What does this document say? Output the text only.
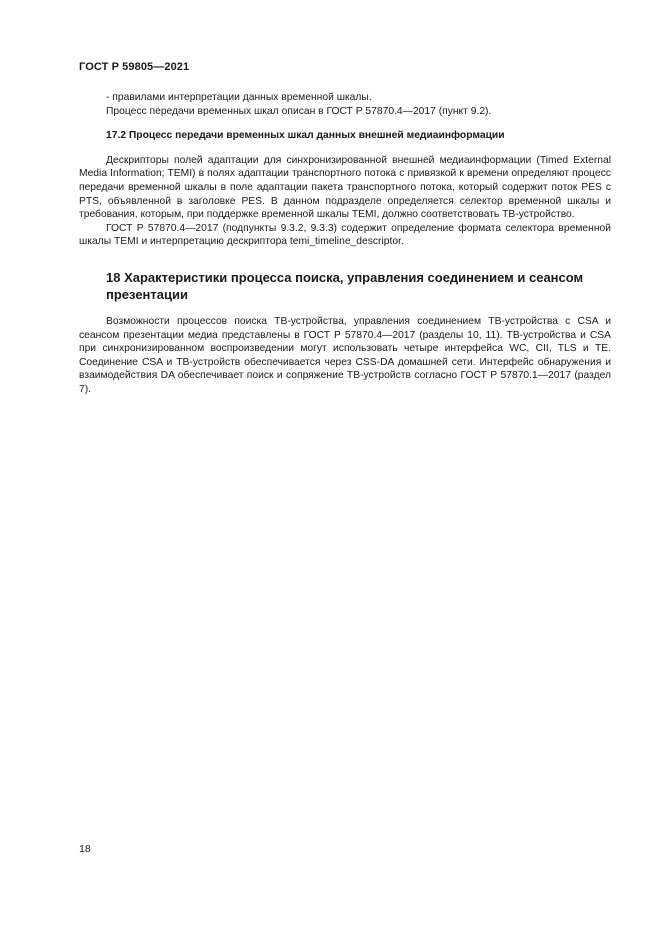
ГОСТ Р 59805—2021

- правилами интерпретации данных временной шкалы.

Процесс передачи временных шкал описан в ГОСТ Р 57870.4—2017 (пункт 9.2).

17.2 Процесс передачи временных шкал данных внешней медиаинформации

Дескрипторы полей адаптации для синхронизированной внешней медиаинформации (Timed External Media Information; TEMI) в полях адаптации транспортного потока с привязкой к времени определяют процесс передачи временной шкалы в поле адаптации пакета транспортного потока, который содержит поток PES с PTS, объявленной в заголовке PES. В данном подразделе определяется селектор временной шкалы и требования, которым, при поддержке временной шкалы TEMI, должно соответствовать ТВ-устройство.

ГОСТ Р 57870.4—2017 (подпункты 9.3.2, 9.3.3) содержит определение формата селектора временной шкалы TEMI и интерпретацию дескриптора temi_timeline_descriptor.

18 Характеристики процесса поиска, управления соединением и сеансом презентации

Возможности процессов поиска ТВ-устройства, управления соединением ТВ-устройства с CSA и сеансом презентации медиа представлены в ГОСТ Р 57870.4—2017 (разделы 10, 11). ТВ-устройства и CSA при синхронизированном воспроизведении могут использовать четыре интерфейса WC, CII, TLS и TE. Соединение CSA и ТВ-устройств обеспечивается через CSS-DA домашней сети. Интерфейс обнаружения и взаимодействия DA обеспечивает поиск и сопряжение ТВ-устройств согласно ГОСТ Р 57870.1—2017 (раздел 7).

18
